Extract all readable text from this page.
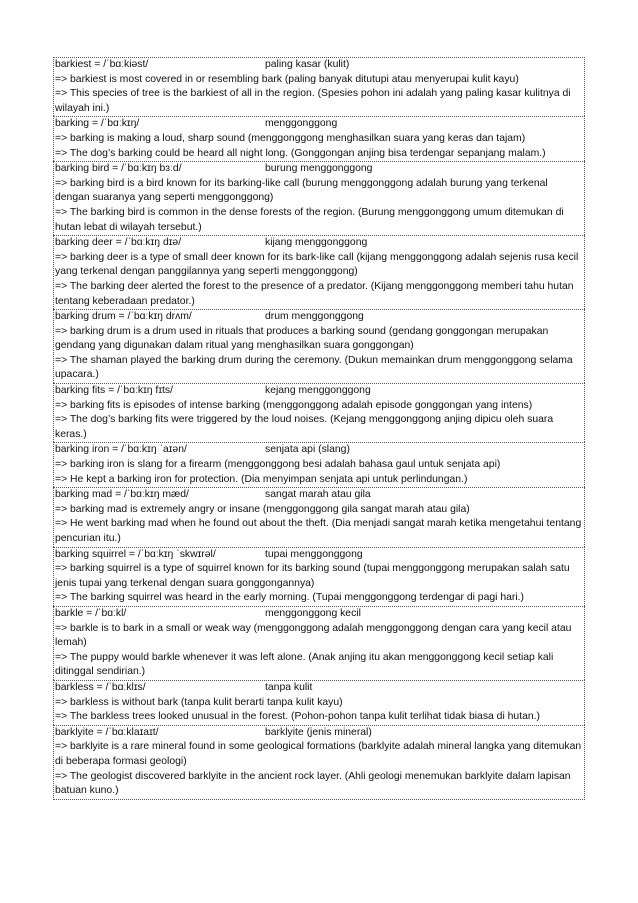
barkiest = /ˈbɑːkiəst/	paling kasar (kulit)
=> barkiest is most covered in or resembling bark (paling banyak ditutupi atau menyerupai kulit kayu)
=> This species of tree is the barkiest of all in the region. (Spesies pohon ini adalah yang paling kasar kulitnya di wilayah ini.)
barking = /ˈbɑːkɪŋ/	menggonggong
=> barking is making a loud, sharp sound (menggonggong menghasilkan suara yang keras dan tajam)
=> The dog’s barking could be heard all night long. (Gonggongan anjing bisa terdengar sepanjang malam.)
barking bird = /ˈbɑːkɪŋ bɜːd/	burung menggonggong
=> barking bird is a bird known for its barking-like call (burung menggonggong adalah burung yang terkenal dengan suaranya yang seperti menggonggong)
=> The barking bird is common in the dense forests of the region. (Burung menggonggong umum ditemukan di hutan lebat di wilayah tersebut.)
barking deer = /ˈbɑːkɪŋ dɪə/	kijang menggonggong
=> barking deer is a type of small deer known for its bark-like call (kijang menggonggong adalah sejenis rusa kecil yang terkenal dengan panggilannya yang seperti menggonggong)
=> The barking deer alerted the forest to the presence of a predator. (Kijang menggonggong memberi tahu hutan tentang keberadaan predator.)
barking drum = /ˈbɑːkɪŋ drʌm/	drum menggonggong
=> barking drum is a drum used in rituals that produces a barking sound (gendang gonggongan merupakan gendang yang digunakan dalam ritual yang menghasilkan suara gonggongan)
=> The shaman played the barking drum during the ceremony. (Dukun memainkan drum menggonggong selama upacara.)
barking fits = /ˈbɑːkɪŋ fɪts/	kejang menggonggong
=> barking fits is episodes of intense barking (menggonggong adalah episode gonggongan yang intens)
=> The dog’s barking fits were triggered by the loud noises. (Kejang menggonggong anjing dipicu oleh suara keras.)
barking iron = /ˈbɑːkɪŋ ˈaɪən/	senjata api (slang)
=> barking iron is slang for a firearm (menggonggong besi adalah bahasa gaul untuk senjata api)
=> He kept a barking iron for protection. (Dia menyimpan senjata api untuk perlindungan.)
barking mad = /ˈbɑːkɪŋ mæd/	sangat marah atau gila
=> barking mad is extremely angry or insane (menggonggong gila sangat marah atau gila)
=> He went barking mad when he found out about the theft. (Dia menjadi sangat marah ketika mengetahui tentang pencurian itu.)
barking squirrel = /ˈbɑːkɪŋ ˈskwɪrəl/	tupai menggonggong
=> barking squirrel is a type of squirrel known for its barking sound (tupai menggonggong merupakan salah satu jenis tupai yang terkenal dengan suara gonggongannya)
=> The barking squirrel was heard in the early morning. (Tupai menggonggong terdengar di pagi hari.)
barkle = /ˈbɑːkl/	menggonggong kecil
=> barkle is to bark in a small or weak way (menggonggong adalah menggonggong dengan cara yang kecil atau lemah)
=> The puppy would barkle whenever it was left alone. (Anak anjing itu akan menggonggong kecil setiap kali ditinggal sendirian.)
barkless = /ˈbɑːklɪs/	tanpa kulit
=> barkless is without bark (tanpa kulit berarti tanpa kulit kayu)
=> The barkless trees looked unusual in the forest. (Pohon-pohon tanpa kulit terlihat tidak biasa di hutan.)
barklyite = /ˈbɑːklaɪaɪt/	barklyite (jenis mineral)
=> barklyite is a rare mineral found in some geological formations (barklyite adalah mineral langka yang ditemukan di beberapa formasi geologi)
=> The geologist discovered barklyite in the ancient rock layer. (Ahli geologi menemukan barklyite dalam lapisan batuan kuno.)
